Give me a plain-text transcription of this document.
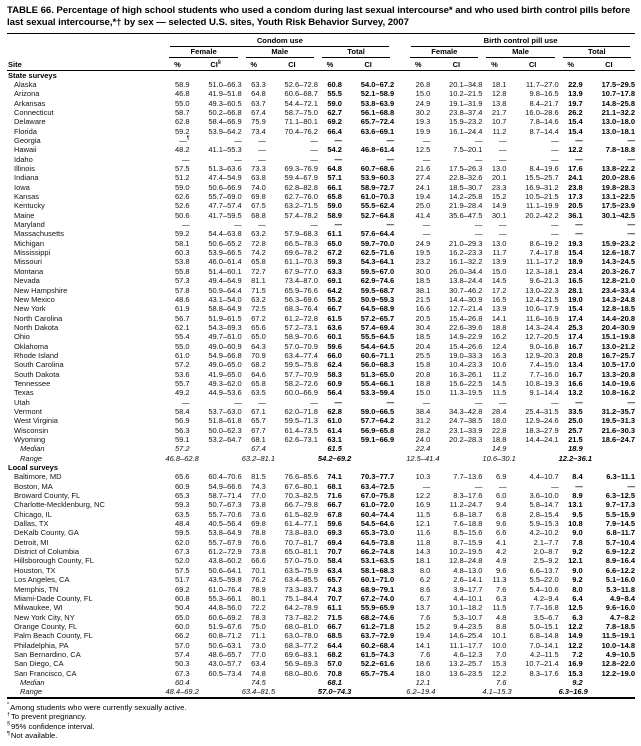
TABLE 66. Percentage of high school students who used a condom during last sexual intercourse* and who used birth control pills before last sexual intercourse,*† by sex — selected U.S. sites, Youth Risk Behavior Survey, 2007

	Condom use							Birth control pill use					

	Female		Male		Total			Female		Male		Total	

Site	%	CI§	%	CI	%	CI		%	CI	%	CI	%	CI
State surveys													
Alaska	58.9	51.0–66.3	63.3	52.6–72.8	60.8	54.0–67.2		26.8	20.1–34.8	18.1	11.7–27.0	22.9	17.5–29.5
Arizona	46.8	41.9–51.8	64.8	60.6–68.7	55.5	52.1–58.9		15.0	10.2–21.5	12.8	9.8–16.5	13.9	10.7–17.8
Arkansas	55.0	49.3–60.5	63.7	54.4–72.1	59.0	53.8–63.9		24.9	19.1–31.9	13.8	8.4–21.7	19.7	14.8–25.8
Connecticut	58.7	50.2–66.8	67.4	58.7–75.0	62.7	56.1–68.8		30.2	23.8–37.4	21.7	16.0–28.6	26.2	21.1–32.2
Delaware	62.8	58.4–66.9	75.9	71.1–80.1	69.2	65.7–72.4		19.3	15.9–23.2	10.7	7.8–14.6	15.4	13.0–18.0
Florida	59.2	53.9–64.2	73.4	70.4–76.2	66.4	63.6–69.1		19.9	16.1–24.4	11.2	8.7–14.4	15.4	13.0–18.1
Georgia	—¶	—	—	—	—	—		—	—	—	—	—	—
Hawaii	48.2	41.1–55.3	—	—	54.2	46.8–61.4		12.5	7.5–20.1	—	—	12.2	7.8–18.8
Idaho	—	—	—	—	—	—		—	—	—	—	—	—
Illinois	57.5	51.3–63.6	73.3	69.3–76.9	64.8	60.7–68.6		21.6	17.5–26.3	13.0	8.4–19.6	17.6	13.8–22.2
Indiana	51.2	47.4–54.9	63.8	59.4–67.9	57.1	53.9–60.3		27.4	22.8–32.6	20.1	15.5–25.7	24.1	20.0–28.6
Iowa	59.0	50.6–66.9	74.0	62.8–82.8	66.1	58.9–72.7		24.1	18.5–30.7	23.3	16.9–31.2	23.8	19.8–28.3
Kansas	62.6	55.7–69.0	69.8	62.7–76.0	65.8	61.0–70.3		19.4	14.2–25.8	15.2	10.5–21.5	17.3	13.1–22.5
Kentucky	52.6	47.7–57.4	67.5	63.2–71.5	59.0	55.5–62.4		25.0	21.9–28.4	14.9	11.1–19.9	20.5	17.5–23.9
Maine	50.6	41.7–59.5	68.8	57.4–78.2	58.9	52.7–64.8		41.4	35.6–47.5	30.1	20.2–42.2	36.1	30.1–42.5
Maryland	—	—	—	—	—	—		—	—	—	—	—	—
Massachusetts	59.2	54.4–63.8	63.2	57.9–68.3	61.1	57.6–64.4		—	—	—	—	—	—
Michigan	58.1	50.6–65.2	72.8	66.5–78.3	65.0	59.7–70.0		24.9	21.0–29.3	13.0	8.6–19.2	19.3	15.9–23.2
Mississippi	60.3	53.9–66.5	74.2	69.6–78.2	67.2	62.5–71.6		19.5	16.2–23.3	11.7	7.4–17.8	15.4	12.6–18.7
Missouri	53.8	46.0–61.4	65.8	61.1–70.3	59.3	54.3–64.1		23.2	16.1–32.2	13.9	11.1–17.2	18.9	14.3–24.5
Montana	55.8	51.4–60.1	72.7	67.9–77.0	63.3	59.5–67.0		30.0	26.0–34.4	15.0	12.3–18.1	23.4	20.3–26.7
Nevada	57.3	49.4–64.9	81.1	73.4–87.0	69.1	62.9–74.6		18.5	13.8–24.4	14.5	9.6–21.3	16.5	12.8–21.0
New Hampshire	57.8	50.9–64.4	71.5	65.9–76.6	64.2	59.5–68.7		38.1	30.7–46.2	17.2	13.0–22.3	28.1	23.4–33.4
New Mexico	48.6	43.1–54.0	63.2	56.3–69.6	55.2	50.9–59.3		21.5	14.4–30.9	16.5	12.4–21.5	19.0	14.3–24.8
New York	61.9	58.8–64.9	72.5	68.3–76.4	66.7	64.5–68.9		16.6	12.7–21.4	13.9	10.6–17.9	15.4	12.8–18.5
North Carolina	56.7	51.9–61.5	67.2	61.2–72.8	61.5	57.2–65.7		20.5	15.4–26.8	14.1	11.6–16.9	17.4	14.4–20.8
North Dakota	62.1	54.3–69.3	65.6	57.2–73.1	63.6	57.4–69.4		30.4	22.6–39.6	18.8	14.3–24.4	25.3	20.4–30.9
Ohio	55.4	49.7–61.0	65.0	58.9–70.6	60.1	55.5–64.5		18.5	14.9–22.9	16.2	12.7–20.5	17.4	15.1–19.8
Oklahoma	55.0	49.0–60.9	64.3	57.0–70.9	59.6	54.4–64.5		20.4	15.4–26.6	12.4	9.0–16.8	16.7	13.0–21.2
Rhode Island	61.0	54.9–66.8	70.9	63.4–77.4	66.0	60.6–71.1		25.5	19.0–33.3	16.3	12.9–20.3	20.8	16.7–25.7
South Carolina	57.2	49.0–65.0	68.2	59.5–75.8	62.4	56.0–68.3		15.8	10.4–23.3	10.6	7.4–15.0	13.4	10.5–17.0
South Dakota	53.6	41.9–65.0	64.6	57.7–70.9	58.3	51.3–65.0		20.8	16.3–26.1	11.2	7.7–16.0	16.7	13.3–20.8
Tennessee	55.7	49.3–62.0	65.8	58.2–72.6	60.9	55.4–66.1		18.8	15.6–22.5	14.5	10.8–19.3	16.6	14.0–19.6
Texas	49.2	44.9–53.6	63.5	60.0–66.9	56.4	53.3–59.4		15.0	11.3–19.5	11.5	9.1–14.4	13.2	10.8–16.2
Utah	—	—	—	—	—	—		—	—	—	—	—	—
Vermont	58.4	53.7–63.0	67.1	62.0–71.8	62.8	59.0–66.5		38.4	34.3–42.8	28.4	25.4–31.5	33.5	31.2–35.7
West Virginia	56.9	51.8–61.8	65.7	59.5–71.3	61.0	57.7–64.2		31.2	24.7–38.5	18.0	12.9–24.6	25.0	19.5–31.3
Wisconsin	56.3	50.0–62.3	67.7	61.4–73.5	61.4	56.9–65.8		28.2	23.1–33.9	22.8	18.3–27.9	25.7	21.6–30.3
Wyoming	59.1	53.2–64.7	68.1	62.6–73.1	63.1	59.1–66.9		24.0	20.2–28.3	18.8	14.4–24.1	21.5	18.6–24.7
Median	57.2		67.4		61.5			22.4		14.9		18.9	
Range	46.8–62.8		63.2–81.1		54.2–69.2			12.5–41.4		10.6–30.1		12.2–36.1	
Local surveys													
Baltimore, MD	65.6	60.4–70.6	81.5	76.6–85.6	74.1	70.3–77.7		10.3	7.7–13.6	6.9	4.4–10.7	8.4	6.3–11.1
Boston, MA	60.9	54.9–66.6	74.3	67.6–80.1	68.1	63.4–72.5		—	—	—	—	—	—
Broward County, FL	65.3	58.7–71.4	77.0	70.3–82.5	71.6	67.0–75.8		12.2	8.3–17.6	6.0	3.6–10.0	8.9	6.3–12.5
Charlotte-Mecklenburg, NC	59.3	50.7–67.3	73.8	66.7–79.8	66.7	61.0–72.0		16.9	11.2–24.7	9.4	5.8–14.7	13.1	9.7–17.3
Chicago, IL	63.5	55.7–70.6	73.6	61.5–82.9	67.8	60.4–74.4		11.5	6.8–18.7	6.8	2.8–15.4	9.5	5.5–15.9
Dallas, TX	48.4	40.5–56.4	69.8	61.4–77.1	59.6	54.5–64.6		12.1	7.6–18.8	9.6	5.9–15.3	10.8	7.9–14.5
DeKalb County, GA	59.5	53.8–64.9	78.8	73.8–83.0	69.3	65.3–73.0		11.6	8.5–15.6	6.6	4.2–10.2	9.0	6.8–11.7
Detroit, MI	62.0	55.7–67.9	76.6	70.7–81.7	69.4	64.5–73.8		11.8	8.7–15.9	4.1	2.1–7.7	7.8	5.7–10.4
District of Columbia	67.3	61.2–72.9	73.8	65.0–81.1	70.7	66.2–74.8		14.3	10.2–19.5	4.2	2.0–8.7	9.2	6.9–12.2
Hillsborough County, FL	52.0	43.8–60.2	66.6	57.0–75.0	58.4	53.1–63.5		18.1	12.8–24.8	4.9	2.5–9.2	12.1	8.9–16.4
Houston, TX	57.5	50.6–64.1	70.1	63.5–75.9	63.4	58.1–68.3		8.0	4.8–13.0	9.6	6.6–13.7	9.0	6.6–12.2
Los Angeles, CA	51.7	43.5–59.8	76.2	63.4–85.5	65.7	60.1–71.0		6.2	2.6–14.1	11.3	5.5–22.0	9.2	5.1–16.0
Memphis, TN	69.2	61.0–76.4	78.9	73.3–83.7	74.3	68.9–79.1		8.6	3.9–17.7	7.6	5.4–10.6	8.0	5.3–11.8
Miami-Dade County, FL	60.8	55.3–66.1	80.1	75.1–84.4	70.7	67.2–74.0		6.7	4.4–10.1	6.3	4.2–9.4	6.4	4.9–8.4
Milwaukee, WI	50.4	44.8–56.0	72.2	64.2–78.9	61.1	55.9–65.9		13.7	10.1–18.2	11.5	7.7–16.8	12.5	9.6–16.0
New York City, NY	65.0	60.6–69.2	78.3	73.7–82.2	71.5	68.2–74.6		7.6	5.3–10.7	4.8	3.5–6.7	6.3	4.7–8.2
Orange County, FL	60.0	51.9–67.6	75.0	68.0–81.0	66.7	61.2–71.8		15.2	9.4–23.5	8.8	5.0–15.1	12.2	7.8–18.5
Palm Beach County, FL	66.2	60.8–71.2	71.1	63.0–78.0	68.5	63.7–72.9		19.4	14.6–25.4	10.1	6.8–14.8	14.9	11.5–19.1
Philadelphia, PA	57.0	50.6–63.1	73.0	68.3–77.2	64.4	60.2–68.4		14.1	11.1–17.7	10.0	7.0–14.1	12.2	10.0–14.8
San Bernardino, CA	57.4	48.6–65.7	77.0	69.6–83.1	68.2	61.5–74.3		7.6	4.6–12.3	7.0	4.2–11.5	7.2	4.9–10.5
San Diego, CA	50.3	43.0–57.7	63.4	56.9–69.3	57.0	52.2–61.6		18.6	13.2–25.7	15.3	10.7–21.4	16.9	12.8–22.0
San Francisco, CA	67.3	60.5–73.4	74.8	68.0–80.6	70.8	65.7–75.4		18.0	13.6–23.5	12.2	8.3–17.6	15.3	12.2–19.0
Median	60.4		74.5		68.1			12.1		7.6		9.2	
Range	48.4–69.2		63.4–81.5		57.0–74.3			6.2–19.4		4.1–15.3		6.3–16.9	
*Among students who were currently sexually active.
†To prevent pregnancy.
§95% confidence interval.
¶Not available.
